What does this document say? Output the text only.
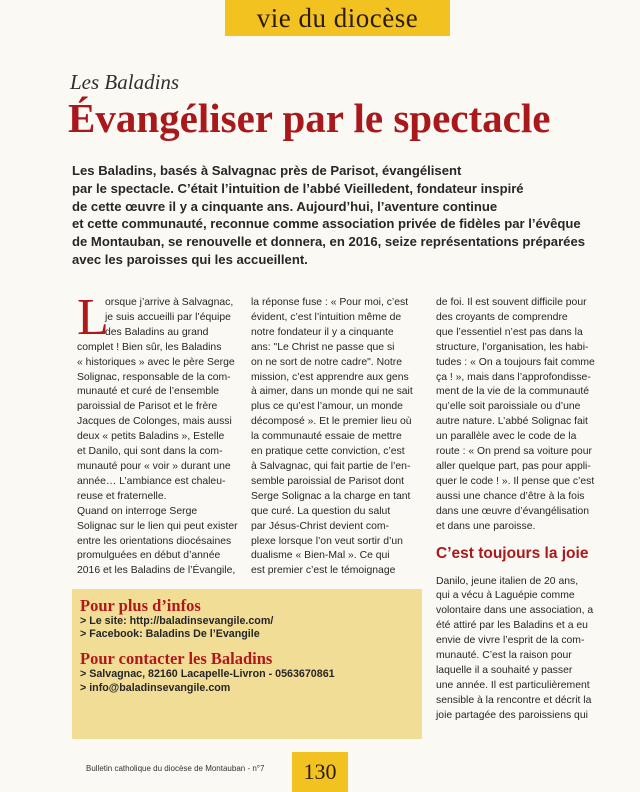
vie du diocèse
Les Baladins
Évangéliser par le spectacle

Les Baladins, basés à Salvagnac près de Parisot, évangélisent

par le spectacle. C’était l’intuition de l’abbé Vieilledent, fondateur inspiré

de cette œuvre il y a cinquante ans. Aujourd’hui, l’aventure continue

et cette communauté, reconnue comme association privée de fidèles par l’évêque

de Montauban, se renouvelle et donnera, en 2016, seize représentations préparées

avec les paroisses qui les accueillent.

L

orsque j’arrive à Salvagnac,

je suis accueilli par l’équipe

des Baladins au grand

complet ! Bien sûr, les Baladins

« historiques » avec le père Serge

Solignac, responsable de la com-

munauté et curé de l’ensemble

paroissial de Parisot et le frère

Jacques de Colonges, mais aussi

deux « petits Baladins », Estelle

et Danilo, qui sont dans la com-

munauté pour « voir » durant une

année… L’ambiance est chaleu-

reuse et fraternelle.

Quand on interroge Serge

Solignac sur le lien qui peut exister

entre les orientations diocésaines

promulguées en début d’année

2016 et les Baladins de l’Évangile,

la réponse fuse : « Pour moi, c’est

évident, c’est l’intuition même de

notre fondateur il y a cinquante

ans: "Le Christ ne passe que si

on ne sort de notre cadre". Notre

mission, c’est apprendre aux gens

à aimer, dans un monde qui ne sait

plus ce qu’est l’amour, un monde

décomposé ». Et le premier lieu où

la communauté essaie de mettre

en pratique cette conviction, c’est

à Salvagnac, qui fait partie de l’en-

semble paroissial de Parisot dont

Serge Solignac a la charge en tant

que curé. La question du salut

par Jésus-Christ devient com-

plexe lorsque l’on veut sortir d’un

dualisme « Bien-Mal ». Ce qui

est premier c’est le témoignage

de foi. Il est souvent difficile pour

des croyants de comprendre

que l’essentiel n’est pas dans la

structure, l’organisation, les habi-

tudes : « On a toujours fait comme

ça ! », mais dans l’approfondisse-

ment de la vie de la communauté

qu’elle soit paroissiale ou d’une

autre nature. L’abbé Solignac fait

un parallèle avec le code de la

route : « On prend sa voiture pour

aller quelque part, pas pour appli-

quer le code ! ». Il pense que c’est

aussi une chance d’être à la fois

dans une œuvre d’évangélisation

et dans une paroisse.

C’est toujours la joie

Danilo, jeune italien de 20 ans,

qui a vécu à Laguépie comme

volontaire dans une association, a

été attiré par les Baladins et a eu

envie de vivre l’esprit de la com-

munauté. C’est la raison pour

laquelle il a souhaité y passer

une année. Il est particulièrement

sensible à la rencontre et décrit la

joie partagée des paroissiens qui

Pour plus d’infos

> Le site: http://baladinsevangile.com/

> Facebook: Baladins De l’Evangile

Pour contacter les Baladins

> Salvagnac, 82160 Lacapelle-Livron - 0563670861

> info@baladinsevangile.com

Bulletin catholique du diocèse de Montauban - n°7	130
